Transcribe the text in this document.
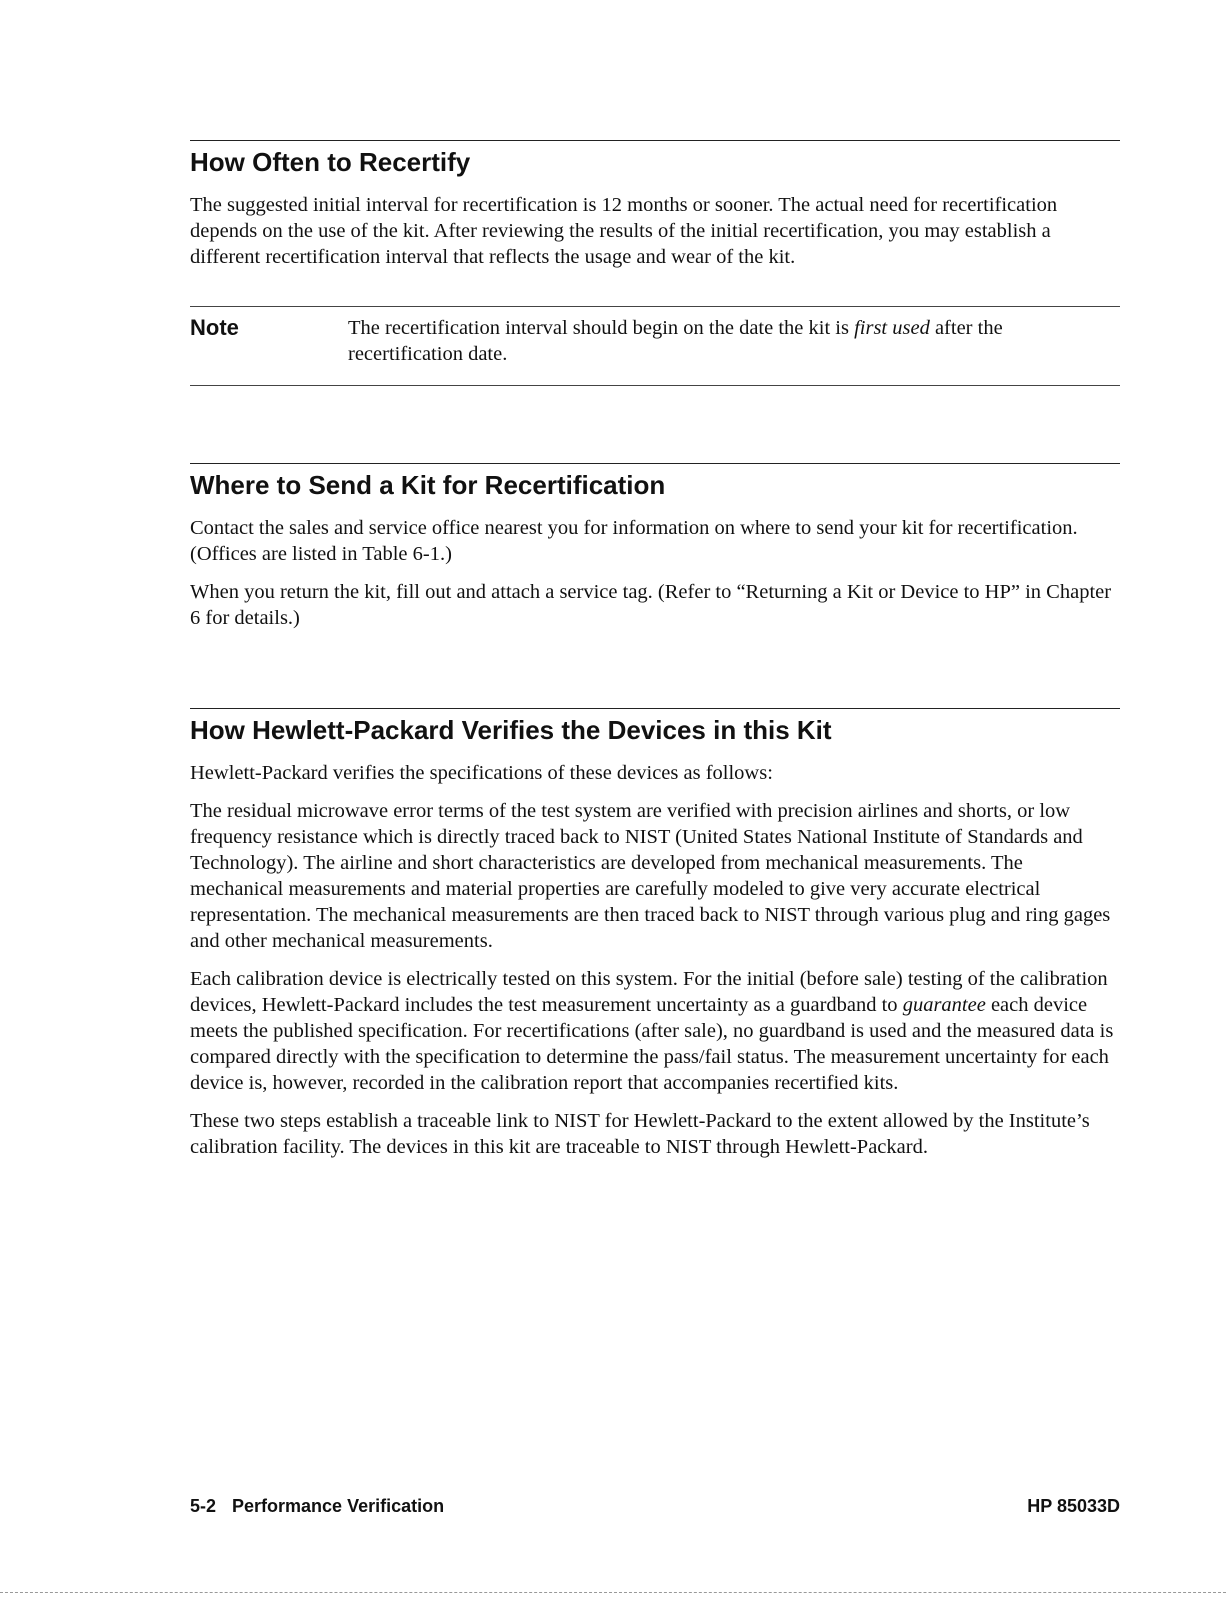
How Often to Recertify

The suggested initial interval for recertification is 12 months or sooner. The actual need for recertification depends on the use of the kit. After reviewing the results of the initial recertification, you may establish a different recertification interval that reflects the usage and wear of the kit.

Note	The recertification interval should begin on the date the kit is first used after the recertification date.
Where to Send a Kit for Recertification

Contact the sales and service office nearest you for information on where to send your kit for recertification. (Offices are listed in Table 6-1.)

When you return the kit, fill out and attach a service tag. (Refer to “Returning a Kit or Device to HP” in Chapter 6 for details.)

How Hewlett-Packard Verifies the Devices in this Kit

Hewlett-Packard verifies the specifications of these devices as follows:

The residual microwave error terms of the test system are verified with precision airlines and shorts, or low frequency resistance which is directly traced back to NIST (United States National Institute of Standards and Technology). The airline and short characteristics are developed from mechanical measurements. The mechanical measurements and material properties are carefully modeled to give very accurate electrical representation. The mechanical measurements are then traced back to NIST through various plug and ring gages and other mechanical measurements.

Each calibration device is electrically tested on this system. For the initial (before sale) testing of the calibration devices, Hewlett-Packard includes the test measurement uncertainty as a guardband to guarantee each device meets the published specification. For recertifications (after sale), no guardband is used and the measured data is compared directly with the specification to determine the pass/fail status. The measurement uncertainty for each device is, however, recorded in the calibration report that accompanies recertified kits.

These two steps establish a traceable link to NIST for Hewlett-Packard to the extent allowed by the Institute’s calibration facility. The devices in this kit are traceable to NIST through Hewlett-Packard.

5-2 Performance Verification	HP 85033D
